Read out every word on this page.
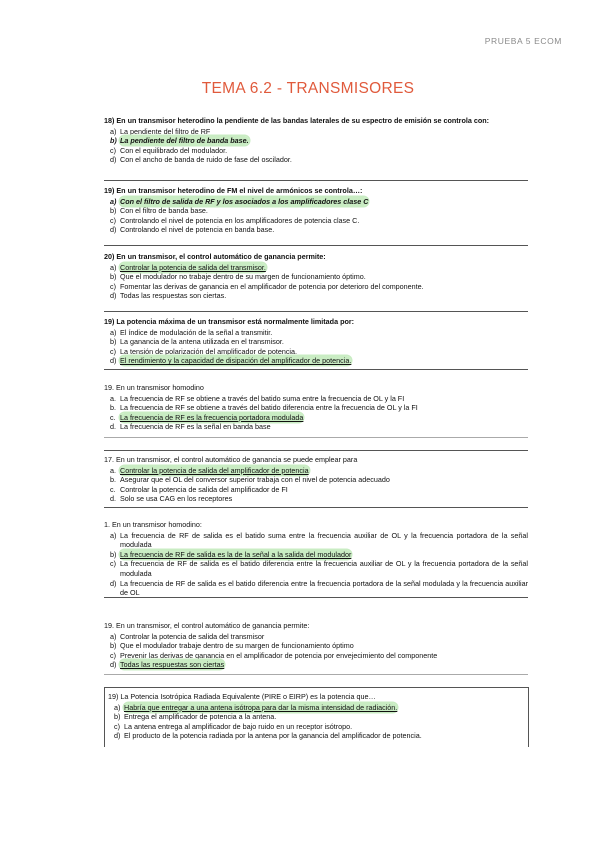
PRUEBA 5 ECOM
TEMA 6.2 - TRANSMISORES
18) En un transmisor heterodino la pendiente de las bandas laterales de su espectro de emisión se controla con:
a) La pendiente del filtro de RF
b) La pendiente del filtro de banda base.
c) Con el equilibrado del modulador.
d) Con el ancho de banda de ruido de fase del oscilador.
19) En un transmisor heterodino de FM el nivel de armónicos se controla…:
a) Con el filtro de salida de RF y los asociados a los amplificadores clase C
b) Con el filtro de banda base.
c) Controlando el nivel de potencia en los amplificadores de potencia clase C.
d) Controlando el nivel de potencia en banda base.
20) En un transmisor, el control automático de ganancia permite:
a) Controlar la potencia de salida del transmisor.
b) Que el modulador no trabaje dentro de su margen de funcionamiento óptimo.
c) Fomentar las derivas de ganancia en el amplificador de potencia por deterioro del componente.
d) Todas las respuestas son ciertas.
19) La potencia máxima de un transmisor está normalmente limitada por:
a) El índice de modulación de la señal a transmitir.
b) La ganancia de la antena utilizada en el transmisor.
c) La tensión de polarización del amplificador de potencia.
d) El rendimiento y la capacidad de disipación del amplificador de potencia.
19. En un transmisor homodino
a. La frecuencia de RF se obtiene a través del batido suma entre la frecuencia de OL y la FI
b. La frecuencia de RF se obtiene a través del batido diferencia entre la frecuencia de OL y la FI
c. La frecuencia de RF es la frecuencia portadora modulada
d. La frecuencia de RF es la señal en banda base
17. En un transmisor, el control automático de ganancia se puede emplear para
a. Controlar la potencia de salida del amplificador de potencia
b. Asegurar que el OL del conversor superior trabaja con el nivel de potencia adecuado
c. Controlar la potencia de salida del amplificador de FI
d. Solo se usa CAG en los receptores
1. En un transmisor homodino:
a) La frecuencia de RF de salida es el batido suma entre la frecuencia auxiliar de OL y la frecuencia portadora de la señal modulada
b) La frecuencia de RF de salida es la de la señal a la salida del modulador
c) La frecuencia de RF de salida es el batido diferencia entre la frecuencia auxiliar de OL y la frecuencia portadora de la señal modulada
d) La frecuencia de RF de salida es el batido diferencia entre la frecuencia portadora de la señal modulada y la frecuencia auxiliar de OL
19. En un transmisor, el control automático de ganancia permite:
a) Controlar la potencia de salida del transmisor
b) Que el modulador trabaje dentro de su margen de funcionamiento óptimo
c) Prevenir las derivas de ganancia en el amplificador de potencia por envejecimiento del componente
d) Todas las respuestas son ciertas
19) La Potencia Isotrópica Radiada Equivalente (PIRE o EIRP) es la potencia que…
a) Habría que entregar a una antena isótropa para dar la misma intensidad de radiación.
b) Entrega el amplificador de potencia a la antena.
c) La antena entrega al amplificador de bajo ruido en un receptor isótropo.
d) El producto de la potencia radiada por la antena por la ganancia del amplificador de potencia.
